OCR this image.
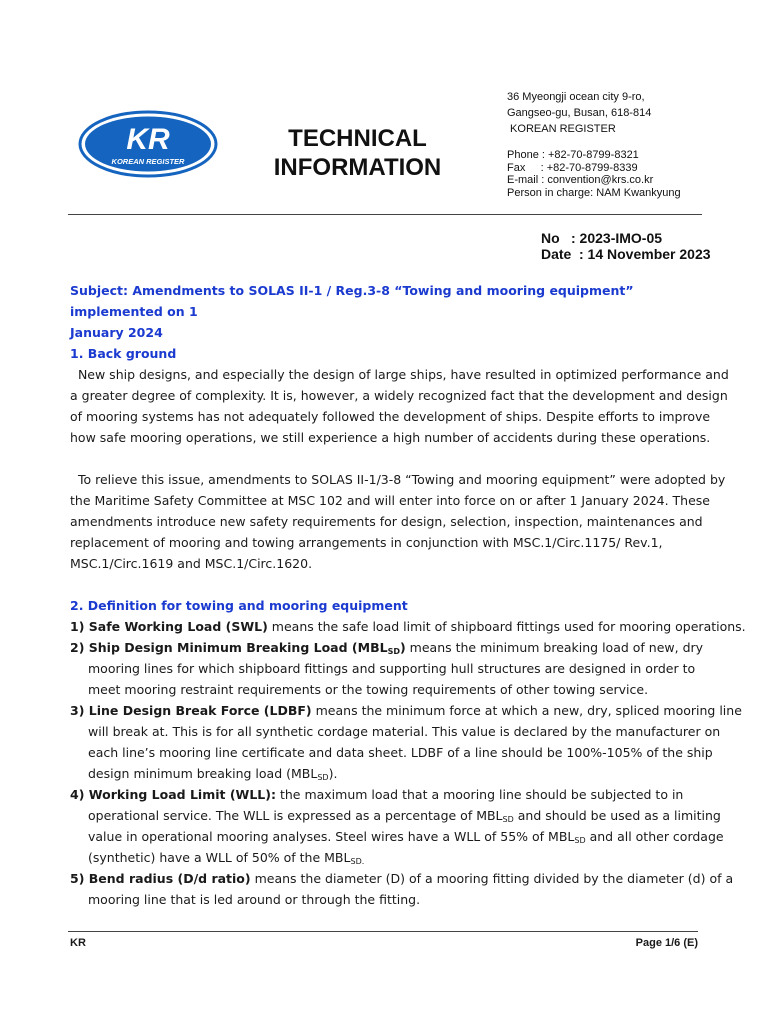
KR
KOREAN REGISTER
TECHNICAL
INFORMATION
36 Myeongji ocean city 9-ro,
Gangseo-gu, Busan, 618-814
KOREAN REGISTER
Phone : +82-70-8799-8321
Fax     : +82-70-8799-8339
E-mail : convention@krs.co.kr
Person in charge: NAM Kwankyung
No : 2023-IMO-05
Date : 14 November 2023
Subject: Amendments to SOLAS II-1 / Reg.3-8 “Towing and mooring equipment” implemented on 1
January 2024
1. Back ground
New ship designs, and especially the design of large ships, have resulted in optimized performance and
a greater degree of complexity. It is, however, a widely recognized fact that the development and design
of mooring systems has not adequately followed the development of ships. Despite efforts to improve
how safe mooring operations, we still experience a high number of accidents during these operations.
To relieve this issue, amendments to SOLAS II-1/3-8 “Towing and mooring equipment” were adopted by
the Maritime Safety Committee at MSC 102 and will enter into force on or after 1 January 2024. These
amendments introduce new safety requirements for design, selection, inspection, maintenances and
replacement of mooring and towing arrangements in conjunction with MSC.1/Circ.1175/ Rev.1,
MSC.1/Circ.1619 and MSC.1/Circ.1620.
2. Definition for towing and mooring equipment
1) Safe Working Load (SWL) means the safe load limit of shipboard fittings used for mooring operations.
2) Ship Design Minimum Breaking Load $(MBL_{SD})$ means the minimum breaking load of new, dry
mooring lines for which shipboard fittings and supporting hull structures are designed in order to
meet mooring restraint requirements or the towing requirements of other towing service.
3) Line Design Break Force (LDBF) means the minimum force at which a new, dry, spliced mooring line
will break at. This is for all synthetic cordage material. This value is declared by the manufacturer on
each line’s mooring line certificate and data sheet. LDBF of a line should be 100%-105% of the ship
design minimum breaking load $(MBL_{SD})$.
4) Working Load Limit (WLL): the maximum load that a mooring line should be subjected to in
operational service. The WLL is expressed as a percentage of $MBL_{SD}$ and should be used as a limiting
value in operational mooring analyses. Steel wires have a WLL of 55% of $MBL_{SD}$ and all other cordage
(synthetic) have a WLL of 50% of the $MBL_{SD.}$
5) Bend radius (D/d ratio) means the diameter (D) of a mooring fitting divided by the diameter (d) of a
mooring line that is led around or through the fitting.
KR	Page 1/6 (E)
